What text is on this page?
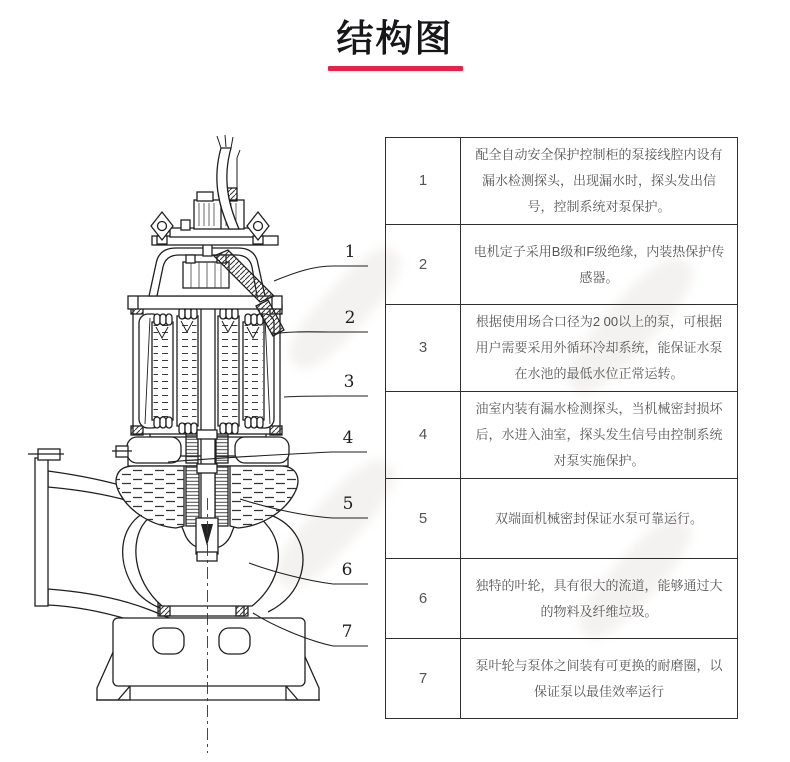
结构图
1
2
3
4
5
6
7
1	配全自动安全保护控制柜的泵接线腔内设有漏水检测探头，出现漏水时，探头发出信号，控制系统对泵保护。
2	电机定子采用B级和F级绝缘，内装热保护传感器。
3	根据使用场合口径为2 00以上的泵，可根据用户需要采用外循环冷却系统，能保证水泵在水池的最低水位正常运转。
4	油室内装有漏水检测探头，当机械密封损坏后，水进入油室，探头发生信号由控制系统对泵实施保护。
5	双端面机械密封保证水泵可靠运行。
6	独特的叶轮，具有很大的流道，能够通过大的物料及纤维垃圾。
7	泵叶轮与泵体之间装有可更换的耐磨圈，以保证泵以最佳效率运行
